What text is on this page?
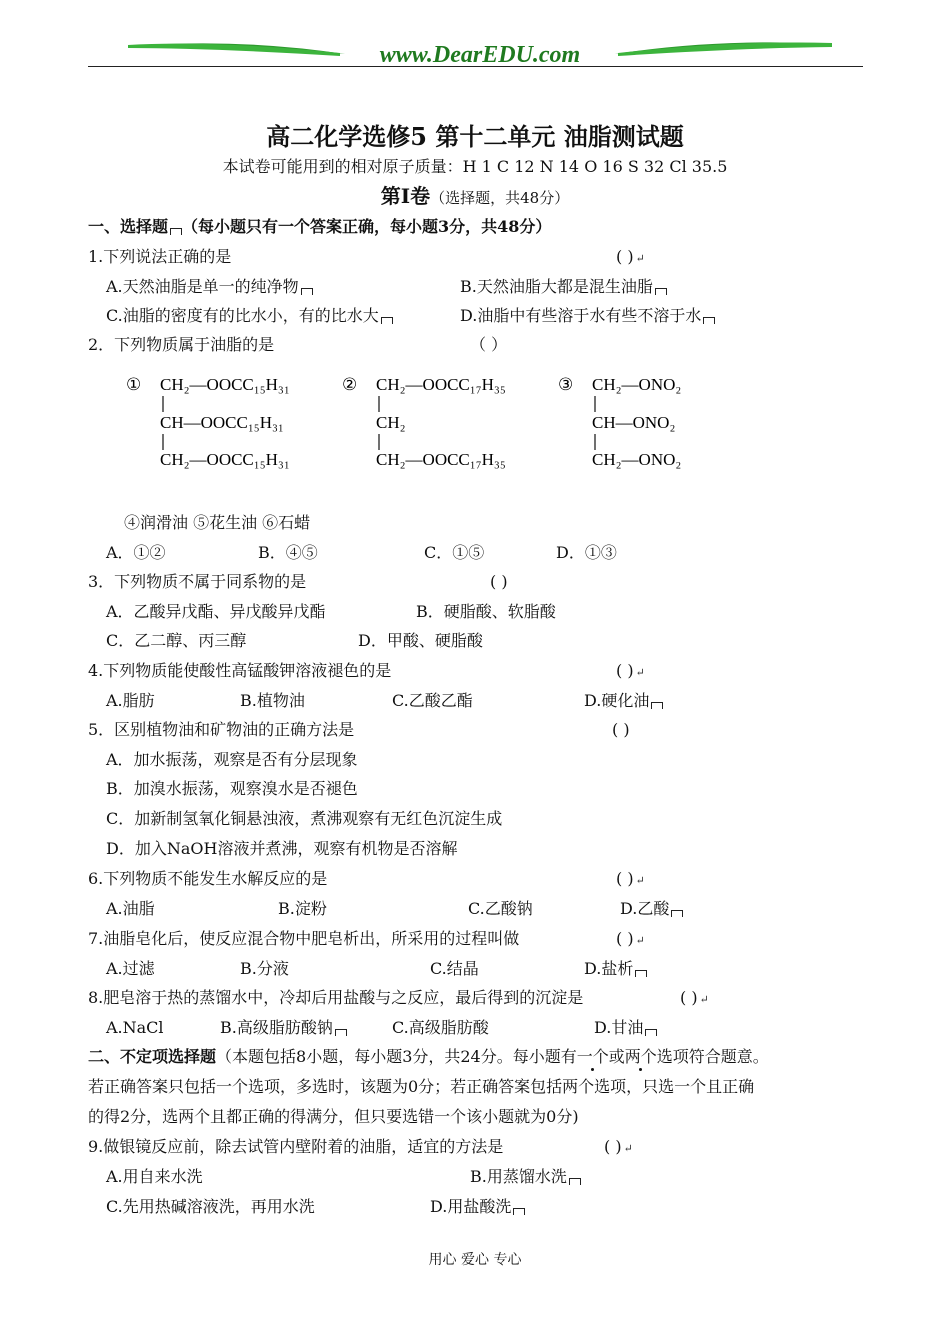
www.DearEDU.com
高二化学选修5 第十二单元 油脂测试题
本试卷可能用到的相对原子质量：H 1 C 12 N 14 O 16 S 32 Cl 35.5
第Ⅰ卷（选择题，共48分）
一、选择题 （每小题只有一个答案正确，每小题3分，共48分）
1.下列说法正确的是	( ) ↵
A.天然油脂是单一的纯净物	B.天然油脂大都是混生油脂
C.油脂的密度有的比水小，有的比水大	D.油脂中有些溶于水有些不溶于水
2．下列物质属于油脂的是	（ ）
① CH₂—OOCC₁₅H₃₁
CH—OOCC₁₅H₃₁
CH₂—OOCC₁₅H₃₁
② CH₂—OOCC₁₇H₃₅
CH₂
CH₂—OOCC₁₇H₃₅
③ CH₂—ONO₂
CH—ONO₂
CH₂—ONO₂
④润滑油 ⑤花生油 ⑥石蜡
A．①②	B．④⑤	C．①⑤	D．①③
3．下列物质不属于同系物的是	( )
A．乙酸异戊酯、异戊酸异戊酯	B．硬脂酸、软脂酸
C．乙二醇、丙三醇	D．甲酸、硬脂酸
4.下列物质能使酸性高锰酸钾溶液褪色的是	( ) ↵
A.脂肪	B.植物油	C.乙酸乙酯	D.硬化油
5．区别植物油和矿物油的正确方法是	( )
A．加水振荡，观察是否有分层现象
B．加溴水振荡，观察溴水是否褪色
C．加新制氢氧化铜悬浊液，煮沸观察有无红色沉淀生成
D．加入NaOH溶液并煮沸，观察有机物是否溶解
6.下列物质不能发生水解反应的是	( ) ↵
A.油脂	B.淀粉	C.乙酸钠	D.乙酸
7.油脂皂化后，使反应混合物中肥皂析出，所采用的过程叫做	( ) ↵
A.过滤	B.分液	C.结晶	D.盐析
8.肥皂溶于热的蒸馏水中，冷却后用盐酸与之反应，最后得到的沉淀是	( ) ↵
A.NaCl	B.高级脂肪酸钠	C.高级脂肪酸	D.甘油
二、不定项选择题（本题包括8小题，每小题3分，共24分。每小题有一个或两个选项符合题意。
若正确答案只包括一个选项，多选时，该题为0分；若正确答案包括两个选项，只选一个且正确
的得2分，选两个且都正确的得满分，但只要选错一个该小题就为0分)
9.做银镜反应前，除去试管内壁附着的油脂，适宜的方法是	( ) ↵
A.用自来水洗	B.用蒸馏水洗
C.先用热碱溶液洗，再用水洗	D.用盐酸洗
用心 爱心 专心
